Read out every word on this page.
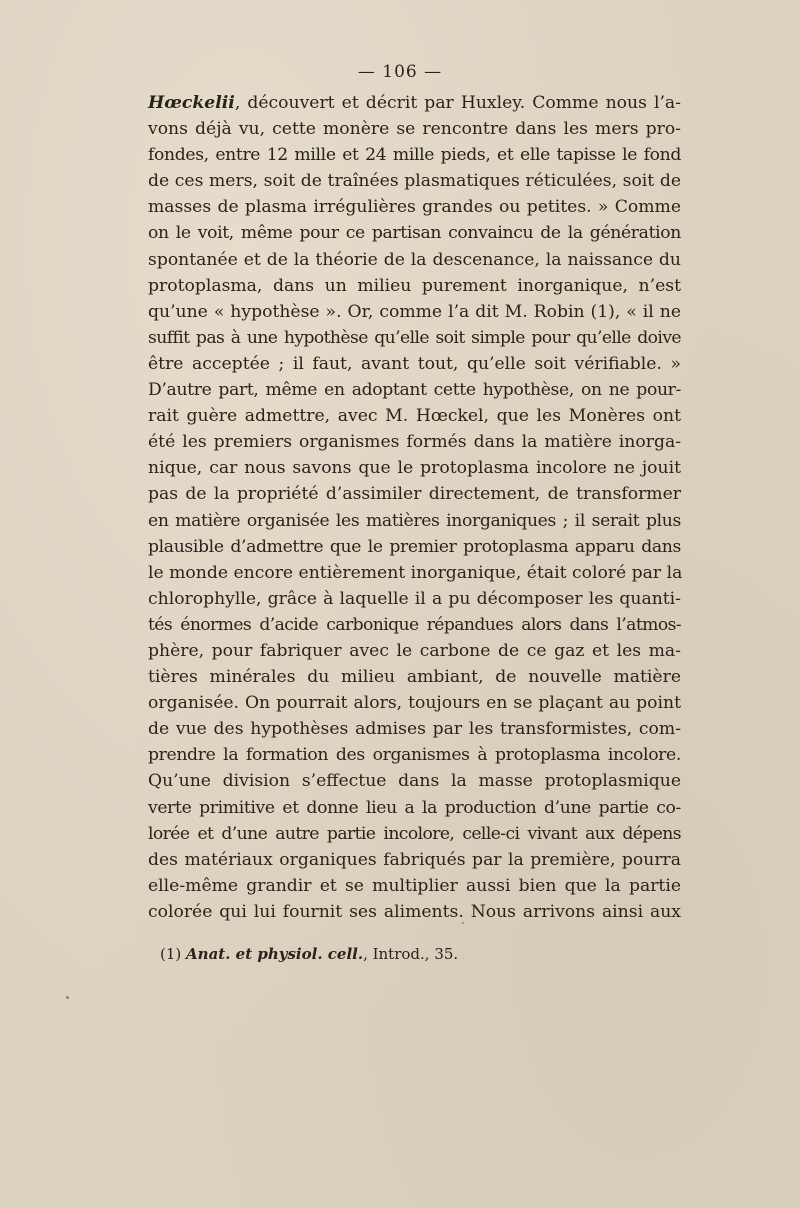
— 106 —
Hœckelii, découvert et décrit par Huxley. Comme nous l’a-
vons déjà vu, cette monère se rencontre dans les mers pro-
fondes, entre 12 mille et 24 mille pieds, et elle tapisse le fond
de ces mers, soit de traînées plasmatiques réticulées, soit de
masses de plasma irrégulières grandes ou petites. » Comme
on le voit, même pour ce partisan convaincu de la génération
spontanée et de la théorie de la descenance, la naissance du
protoplasma, dans un milieu purement inorganique, n’est
qu’une « hypothèse ». Or, comme l’a dit M. Robin (1), « il ne
suffit pas à une hypothèse qu’elle soit simple pour qu’elle doive
être acceptée ; il faut, avant tout, qu’elle soit vérifiable. »
D’autre part, même en adoptant cette hypothèse, on ne pour-
rait guère admettre, avec M. Hœckel, que les Monères ont
été les premiers organismes formés dans la matière inorga-
nique, car nous savons que le protoplasma incolore ne jouit
pas de la propriété d’assimiler directement, de transformer
en matière organisée les matières inorganiques ; il serait plus
plausible d’admettre que le premier protoplasma apparu dans
le monde encore entièrement inorganique, était coloré par la
chlorophylle, grâce à laquelle il a pu décomposer les quanti-
tés énormes d’acide carbonique répandues alors dans l’atmos-
phère, pour fabriquer avec le carbone de ce gaz et les ma-
tières minérales du milieu ambiant, de nouvelle matière
organisée. On pourrait alors, toujours en se plaçant au point
de vue des hypothèses admises par les transformistes, com-
prendre la formation des organismes à protoplasma incolore.
Qu’une division s’effectue dans la masse protoplasmique
verte primitive et donne lieu a la production d’une partie co-
lorée et d’une autre partie incolore, celle-ci vivant aux dépens
des matériaux organiques fabriqués par la première, pourra
elle-même grandir et se multiplier aussi bien que la partie
colorée qui lui fournit ses aliments. Nous arrivons ainsi aux
(1) Anat. et physiol. cell., Introd., 35.
